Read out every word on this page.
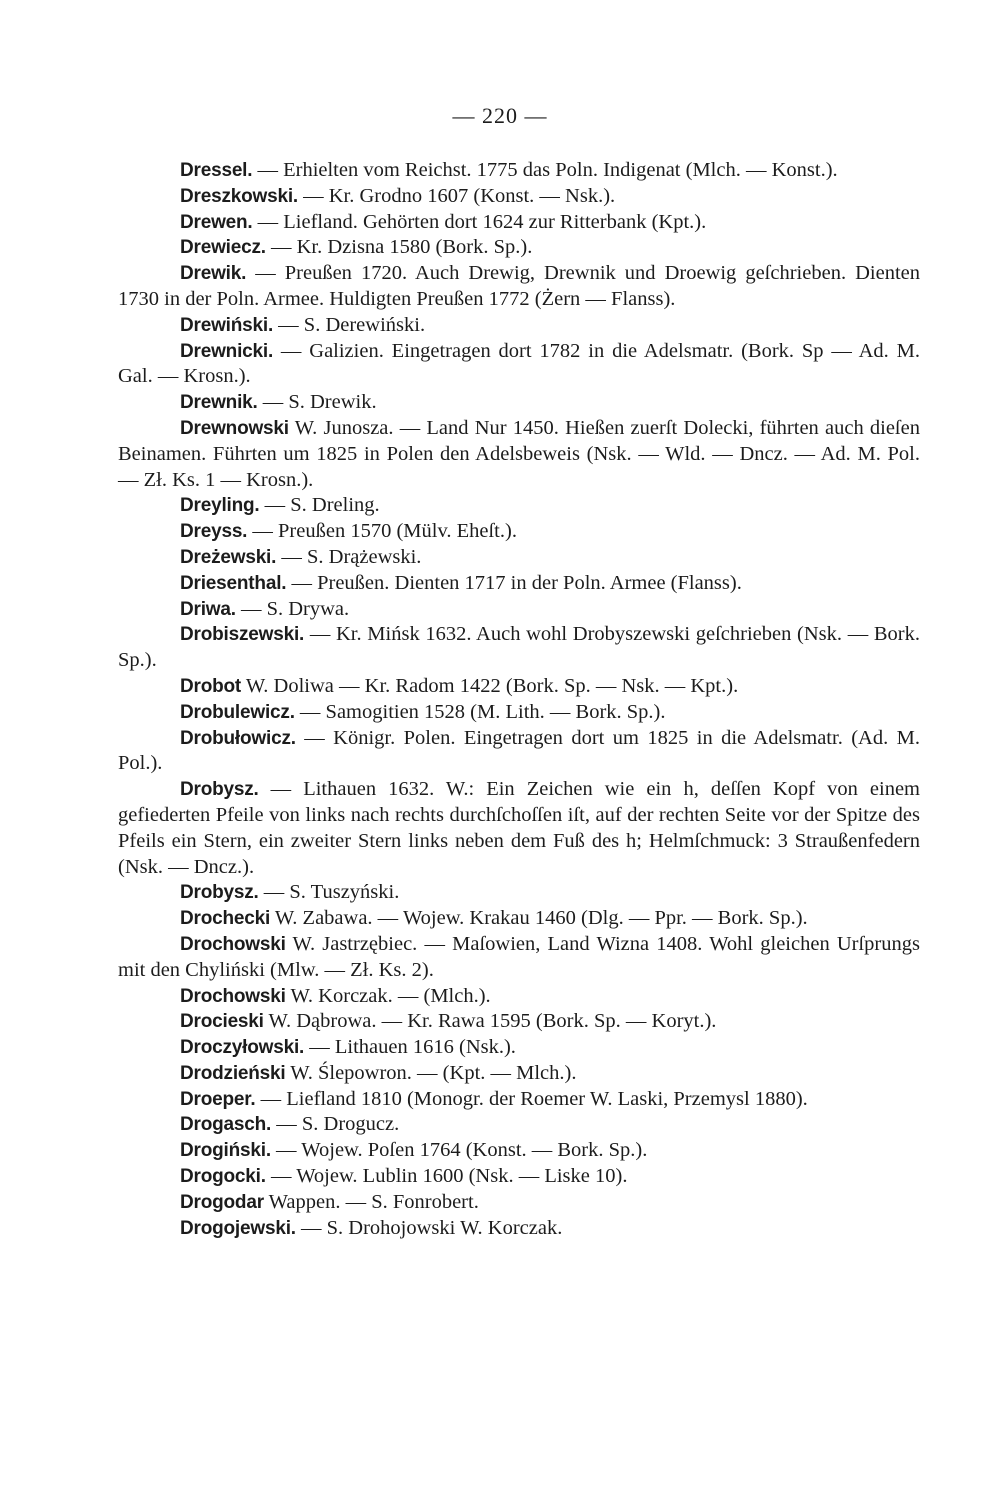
— 220 —

Dressel. — Erhielten vom Reichst. 1775 das Poln. Indigenat (Mlch. — Konst.).

Dreszkowski. — Kr. Grodno 1607 (Konst. — Nsk.).

Drewen. — Liefland. Gehörten dort 1624 zur Ritterbank (Kpt.).

Drewiecz. — Kr. Dzisna 1580 (Bork. Sp.).

Drewik. — Preußen 1720. Auch Drewig, Drewnik und Droewig geſchrieben. Dienten 1730 in der Poln. Armee. Huldigten Preußen 1772 (Żern — Flanss).

Drewiński. — S. Derewiński.

Drewnicki. — Galizien. Eingetragen dort 1782 in die Adelsmatr. (Bork. Sp — Ad. M. Gal. — Krosn.).

Drewnik. — S. Drewik.

Drewnowski W. Junosza. — Land Nur 1450. Hießen zuerſt Dolecki, führten auch dieſen Beinamen. Führten um 1825 in Polen den Adelsbeweis (Nsk. — Wld. — Dncz. — Ad. M. Pol. — Zł. Ks. 1 — Krosn.).

Dreyling. — S. Dreling.

Dreyss. — Preußen 1570 (Mülv. Eheſt.).

Dreżewski. — S. Drążewski.

Driesenthal. — Preußen. Dienten 1717 in der Poln. Armee (Flanss).

Driwa. — S. Drywa.

Drobiszewski. — Kr. Mińsk 1632. Auch wohl Drobyszewski geſchrieben (Nsk. — Bork. Sp.).

Drobot W. Doliwa — Kr. Radom 1422 (Bork. Sp. — Nsk. — Kpt.).

Drobulewicz. — Samogitien 1528 (M. Lith. — Bork. Sp.).

Drobułowicz. — Königr. Polen. Eingetragen dort um 1825 in die Adelsmatr. (Ad. M. Pol.).

Drobysz. — Lithauen 1632. W.: Ein Zeichen wie ein h, deſſen Kopf von einem gefiederten Pfeile von links nach rechts durchſchoſſen iſt, auf der rechten Seite vor der Spitze des Pfeils ein Stern, ein zweiter Stern links neben dem Fuß des h; Helmſchmuck: 3 Straußenfedern (Nsk. — Dncz.).

Drobysz. — S. Tuszyński.

Drochecki W. Zabawa. — Wojew. Krakau 1460 (Dlg. — Ppr. — Bork. Sp.).

Drochowski W. Jastrzębiec. — Maſowien, Land Wizna 1408. Wohl gleichen Urſprungs mit den Chyliński (Mlw. — Zł. Ks. 2).

Drochowski W. Korczak. — (Mlch.).

Drocieski W. Dąbrowa. — Kr. Rawa 1595 (Bork. Sp. — Koryt.).

Droczyłowski. — Lithauen 1616 (Nsk.).

Drodzieński W. Ślepowron. — (Kpt. — Mlch.).

Droeper. — Liefland 1810 (Monogr. der Roemer W. Laski, Przemysl 1880).

Drogasch. — S. Drogucz.

Drogiński. — Wojew. Poſen 1764 (Konst. — Bork. Sp.).

Drogocki. — Wojew. Lublin 1600 (Nsk. — Liske 10).

Drogodar Wappen. — S. Fonrobert.

Drogojewski. — S. Drohojowski W. Korczak.
